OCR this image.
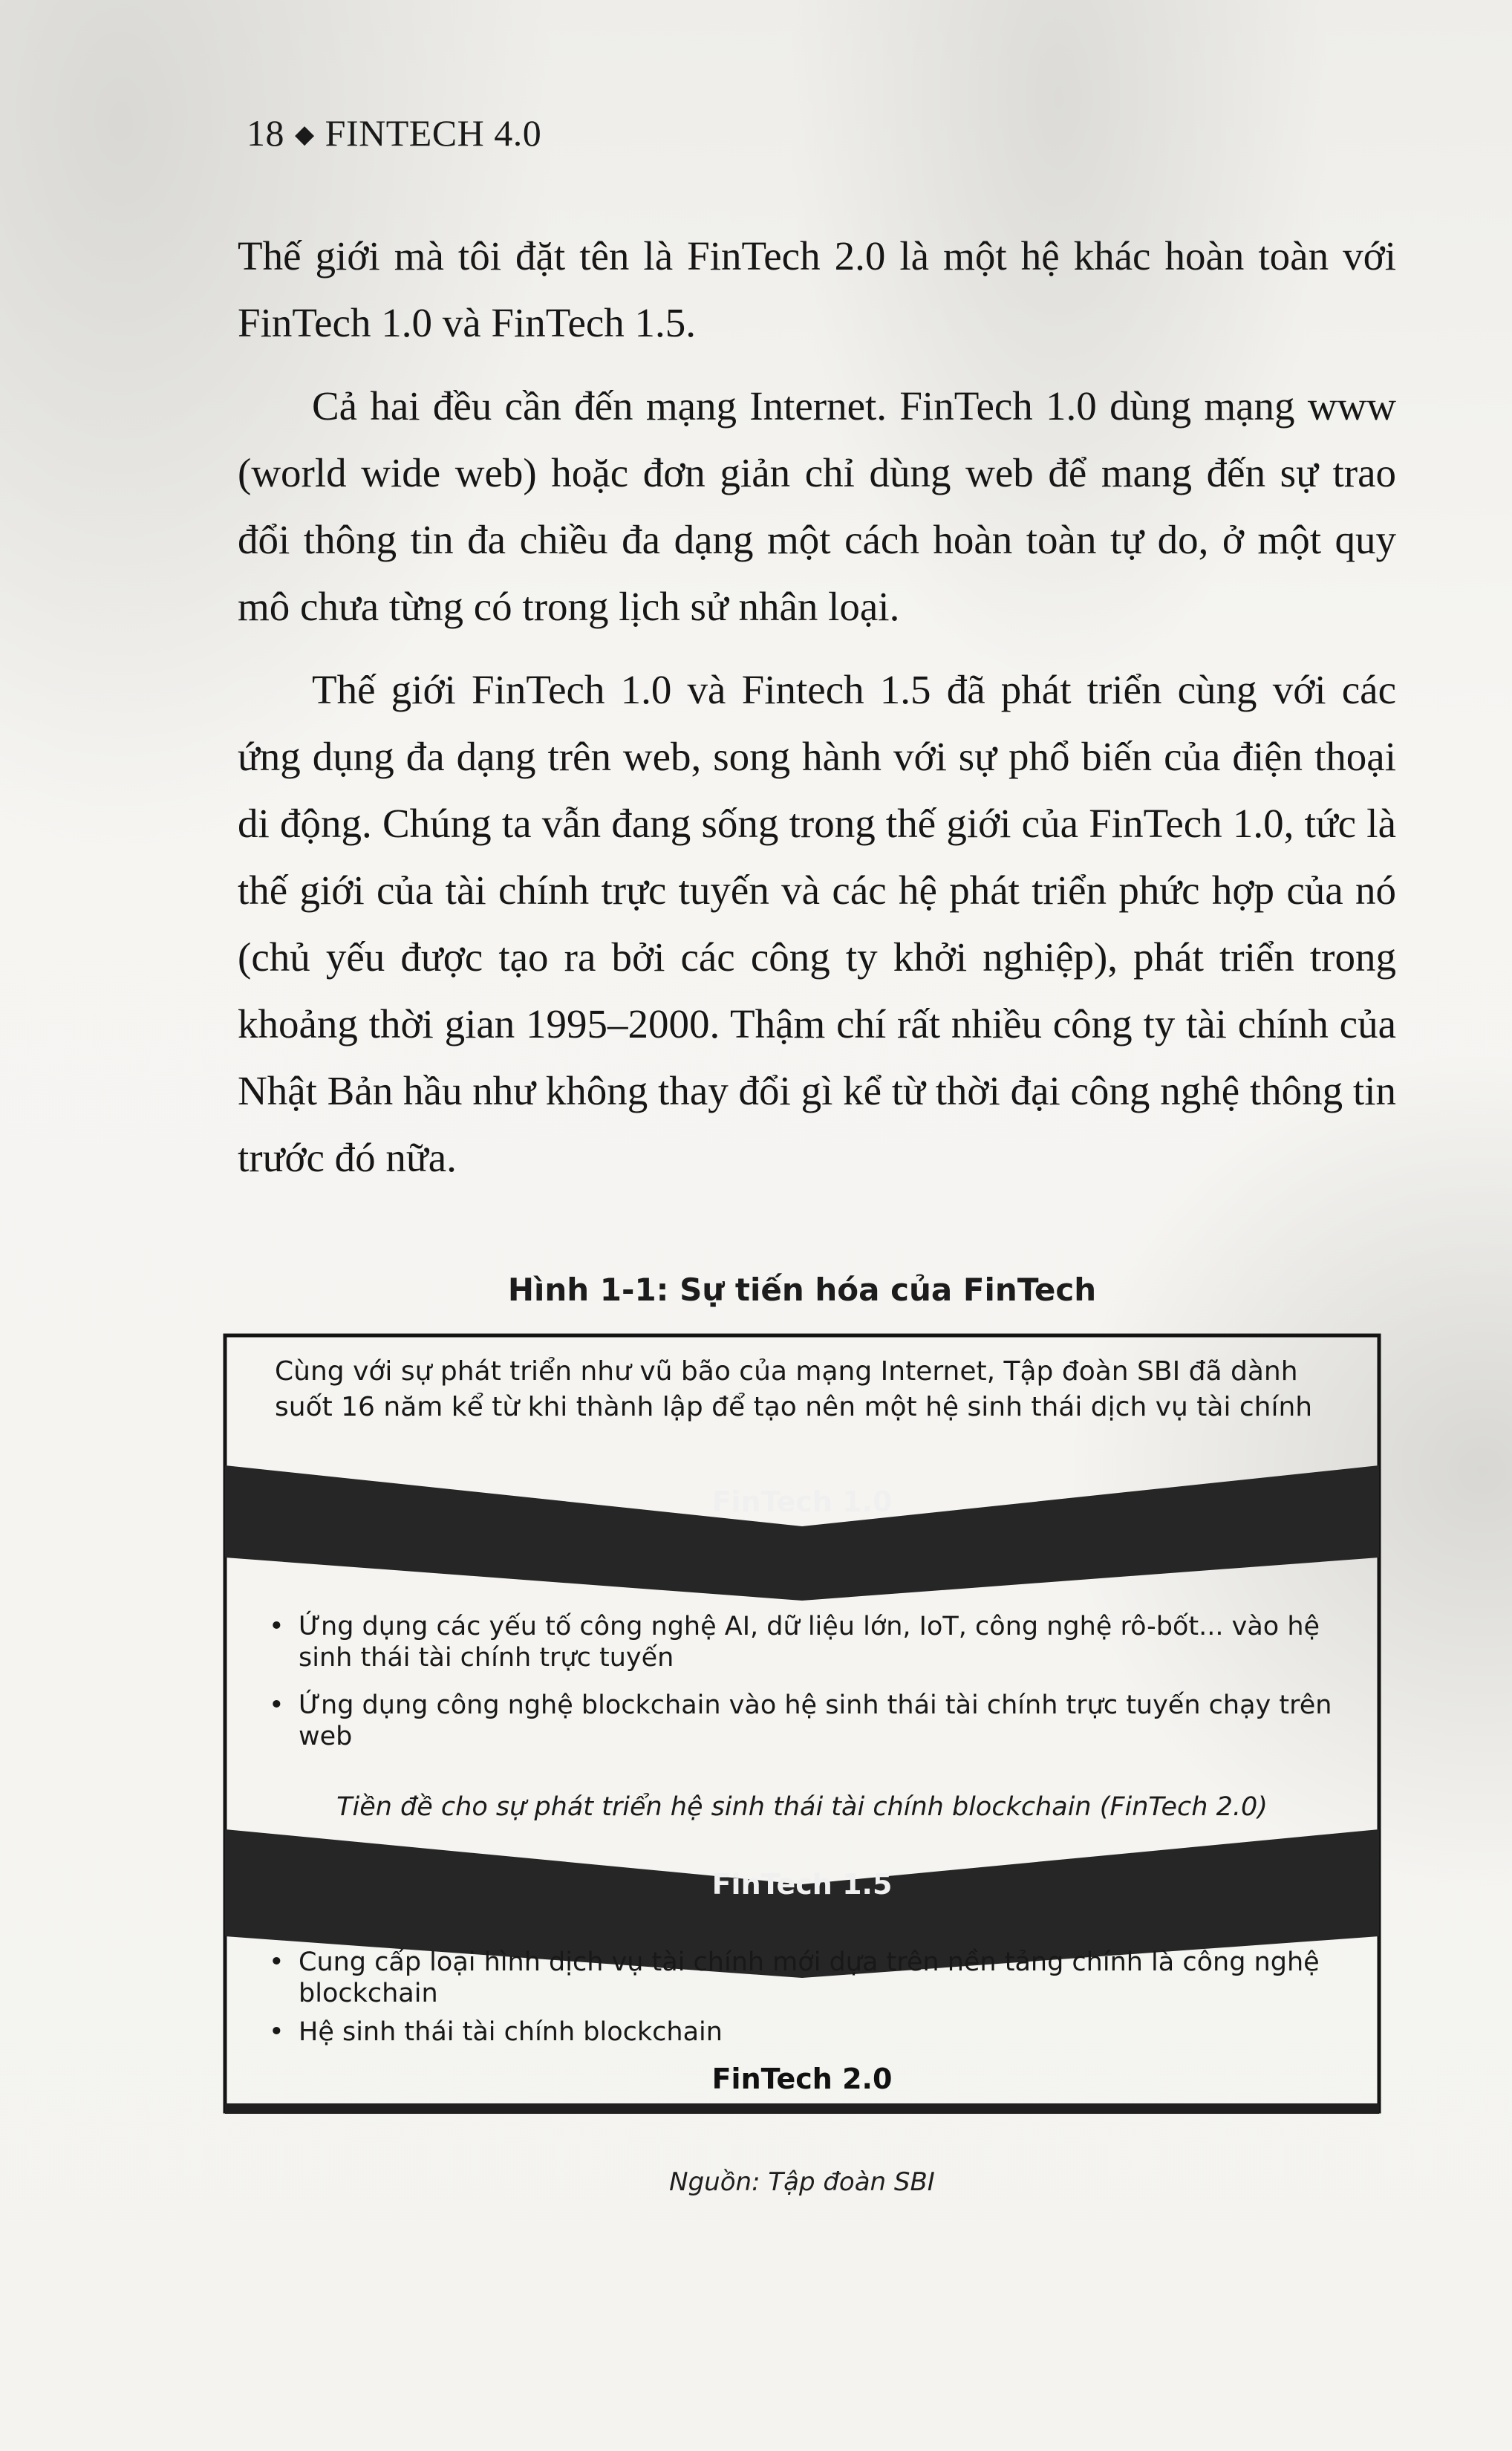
18 ◆ FINTECH 4.0

Thế giới mà tôi đặt tên là FinTech 2.0 là một hệ khác hoàn toàn với FinTech 1.0 và FinTech 1.5.

Cả hai đều cần đến mạng Internet. FinTech 1.0 dùng mạng www (world wide web) hoặc đơn giản chỉ dùng web để mang đến sự trao đổi thông tin đa chiều đa dạng một cách hoàn toàn tự do, ở một quy mô chưa từng có trong lịch sử nhân loại.

Thế giới FinTech 1.0 và Fintech 1.5 đã phát triển cùng với các ứng dụng đa dạng trên web, song hành với sự phổ biến của điện thoại di động. Chúng ta vẫn đang sống trong thế giới của FinTech 1.0, tức là thế giới của tài chính trực tuyến và các hệ phát triển phức hợp của nó (chủ yếu được tạo ra bởi các công ty khởi nghiệp), phát triển trong khoảng thời gian 1995–2000. Thậm chí rất nhiều công ty tài chính của Nhật Bản hầu như không thay đổi gì kể từ thời đại công nghệ thông tin trước đó nữa.

Hình 1-1: Sự tiến hóa của FinTech
Cùng với sự phát triển như vũ bão của mạng Internet, Tập đoàn SBI đã dành
suốt 16 năm kể từ khi thành lập để tạo nên một hệ sinh thái dịch vụ tài chính
FinTech 1.0
• Ứng dụng các yếu tố công nghệ AI, dữ liệu lớn, IoT, công nghệ rô-bốt... vào hệ sinh thái tài chính trực tuyến
• Ứng dụng công nghệ blockchain vào hệ sinh thái tài chính trực tuyến chạy trên web
Tiền đề cho sự phát triển hệ sinh thái tài chính blockchain (FinTech 2.0)
FinTech 1.5
• Cung cấp loại hình dịch vụ tài chính mới dựa trên nền tảng chính là công nghệ blockchain
• Hệ sinh thái tài chính blockchain
FinTech 2.0
Nguồn: Tập đoàn SBI
